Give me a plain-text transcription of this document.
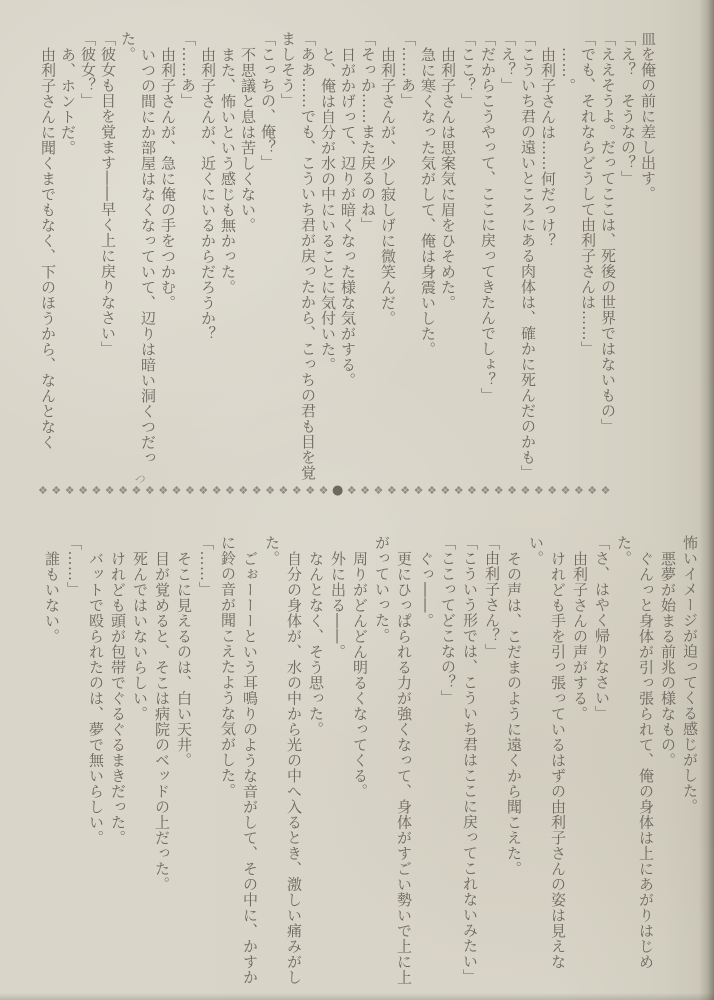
皿を俺の前に差し出す。

「え？　そうなの？」

「ええそうよ。だってここは、死後の世界ではないもの」

「でも、それならどうして由利子さんは……」

……。

由利子さんは……何だっけ？

「こういち君の遠いところにある肉体は、確かに死んだのかも」

「え？」

「だからこうやって、ここに戻ってきたんでしょ？」

「ここ？」

由利子さんは思案気に眉をひそめた。

急に寒くなった気がして、俺は身震いした。

「……あ」

由利子さんが、少し寂しげに微笑んだ。

「そっか……また戻るのね」

日がかげって、辺りが暗くなった様な気がする。

と、俺は自分が水の中にいることに気付いた。

「ああ……でも、こういち君が戻ったから、こっちの君も目を覚ましそう」

「こっちの、俺？」

不思議と息は苦しくない。

また、怖いという感じも無かった。

由利子さんが、近くにいるからだろうか？

「……あ」

由利子さんが、急に俺の手をつかむ。

いつの間にか部屋はなくなっていて、辺りは暗い洞くつだった。

「彼女も目を覚ます――早く上に戻りなさい」

「彼女？」

あ、ホントだ。

由利子さんに聞くまでもなく、下のほうから、なんとなく

つ
❖❖❖❖❖❖❖❖❖❖❖❖❖❖❖❖❖❖❖❖❖❖●❖❖❖❖❖❖❖❖❖❖❖❖❖❖❖❖❖❖❖❖

怖いイメージが迫ってくる感じがした。

悪夢が始まる前兆の様なもの。

ぐんっと身体が引っ張られて、俺の身体は上にあがりはじめた。

「さ、はやく帰りなさい」

由利子さんの声がする。

けれども手を引っ張っているはずの由利子さんの姿は見えない。

その声は、こだまのように遠くから聞こえた。

「由利子さん？」

「こういう形では、こういち君はここに戻ってこれないみたい」

「ここってどこなの？」

ぐっ――。

更にひっぱられる力が強くなって、身体がすごい勢いで上に上がっていった。

周りがどんどん明るくなってくる。

外に出る――。

なんとなく、そう思った。

自分の身体が、水の中から光の中へ入るとき、激しい痛みがした。

ごぉーーーという耳鳴りのような音がして、その中に、かすかに鈴の音が聞こえたような気がした。

「……」

そこに見えるのは、白い天井。

目が覚めると、そこは病院のベッドの上だった。

死んではいないらしい。

けれども頭が包帯でぐるぐるまきだった。

バットで殴られたのは、夢で無いらしい。

「……」

誰もいない。
